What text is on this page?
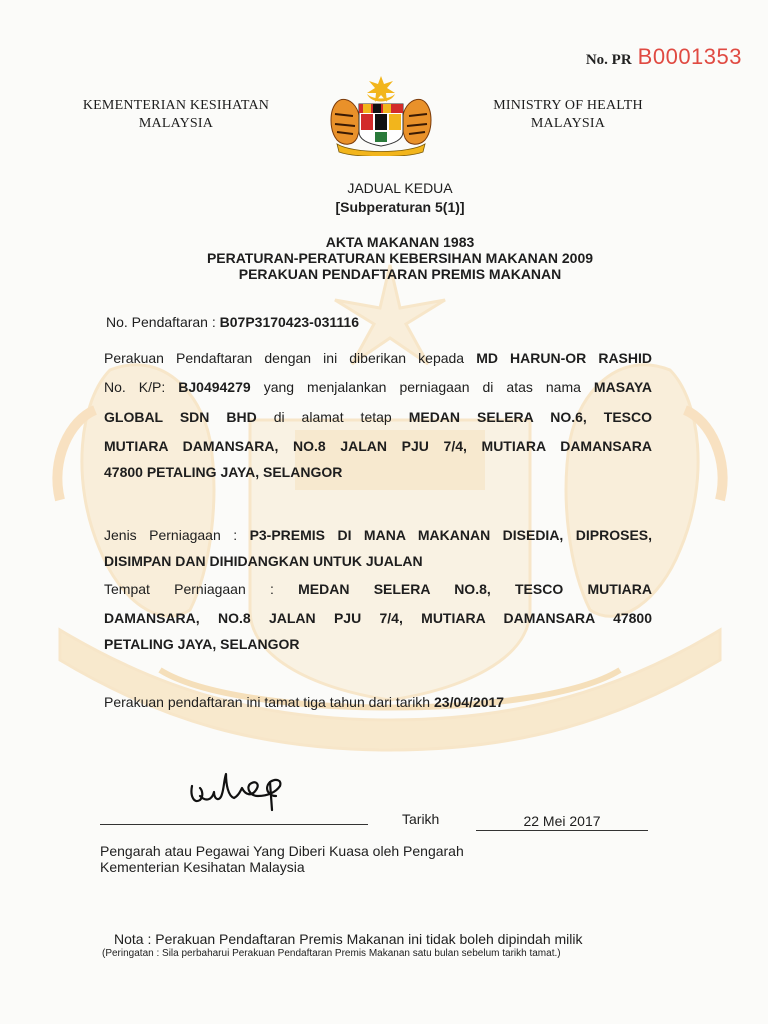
No. PR B0001353
KEMENTERIAN KESIHATAN
MALAYSIA
MINISTRY OF HEALTH
MALAYSIA
JADUAL KEDUA
[Subperaturan 5(1)]
AKTA MAKANAN 1983
PERATURAN-PERATURAN KEBERSIHAN MAKANAN 2009
PERAKUAN PENDAFTARAN PREMIS MAKANAN
No. Pendaftaran : B07P3170423-031116
Perakuan Pendaftaran dengan ini diberikan kepada MD HARUN-OR RASHID
No. K/P: BJ0494279 yang menjalankan perniagaan di atas nama MASAYA
GLOBAL SDN BHD di alamat tetap MEDAN SELERA NO.6, TESCO
MUTIARA DAMANSARA, NO.8 JALAN PJU 7/4, MUTIARA DAMANSARA
47800 PETALING JAYA, SELANGOR
Jenis Perniagaan : P3-PREMIS DI MANA MAKANAN DISEDIA, DIPROSES,
DISIMPAN DAN DIHIDANGKAN UNTUK JUALAN
Tempat Perniagaan : MEDAN SELERA NO.8, TESCO MUTIARA
DAMANSARA, NO.8 JALAN PJU 7/4, MUTIARA DAMANSARA 47800
PETALING JAYA, SELANGOR
Perakuan pendaftaran ini tamat tiga tahun dari tarikh 23/04/2017
Tarikh	22 Mei 2017
Pengarah atau Pegawai Yang Diberi Kuasa oleh Pengarah
Kementerian Kesihatan Malaysia
Nota : Perakuan Pendaftaran Premis Makanan ini tidak boleh dipindah milik
(Peringatan : Sila perbaharui Perakuan Pendaftaran Premis Makanan satu bulan sebelum tarikh tamat.)
